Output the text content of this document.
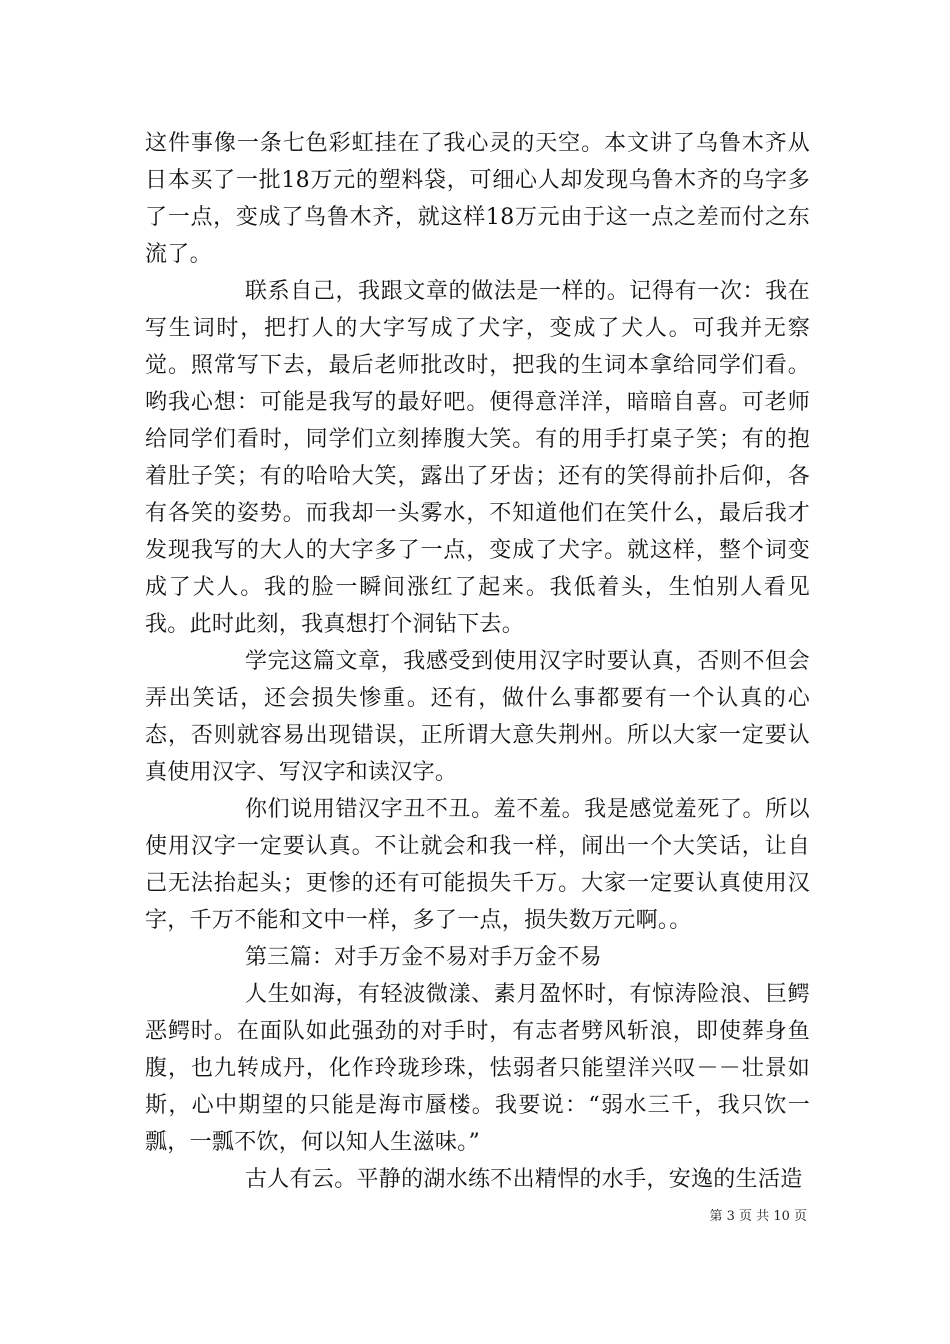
这件事像一条七色彩虹挂在了我心灵的天空。本文讲了乌鲁木齐从日本买了一批18万元的塑料袋，可细心人却发现乌鲁木齐的乌字多了一点，变成了鸟鲁木齐，就这样18万元由于这一点之差而付之东流了。

联系自己，我跟文章的做法是一样的。记得有一次：我在写生词时，把打人的大字写成了犬字，变成了犬人。可我并无察觉。照常写下去，最后老师批改时，把我的生词本拿给同学们看。哟我心想：可能是我写的最好吧。便得意洋洋，暗暗自喜。可老师给同学们看时，同学们立刻捧腹大笑。有的用手打桌子笑；有的抱着肚子笑；有的哈哈大笑，露出了牙齿；还有的笑得前扑后仰，各有各笑的姿势。而我却一头雾水，不知道他们在笑什么，最后我才发现我写的大人的大字多了一点，变成了犬字。就这样，整个词变成了犬人。我的脸一瞬间涨红了起来。我低着头，生怕别人看见我。此时此刻，我真想打个洞钻下去。

学完这篇文章，我感受到使用汉字时要认真，否则不但会弄出笑话，还会损失惨重。还有，做什么事都要有一个认真的心态，否则就容易出现错误，正所谓大意失荆州。所以大家一定要认真使用汉字、写汉字和读汉字。

你们说用错汉字丑不丑。羞不羞。我是感觉羞死了。所以使用汉字一定要认真。不让就会和我一样，闹出一个大笑话，让自己无法抬起头；更惨的还有可能损失千万。大家一定要认真使用汉字，千万不能和文中一样，多了一点，损失数万元啊。。

第三篇：对手万金不易对手万金不易

人生如海，有轻波微漾、素月盈怀时，有惊涛险浪、巨鳄恶鳄时。在面队如此强劲的对手时，有志者劈风斩浪，即使葬身鱼腹，也九转成丹，化作玲珑珍珠，怯弱者只能望洋兴叹－－壮景如斯，心中期望的只能是海市蜃楼。我要说：“弱水三千，我只饮一瓢，一瓢不饮，何以知人生滋味。”

古人有云。平静的湖水练不出精悍的水手，安逸的生活造

第 3 页 共 10 页
